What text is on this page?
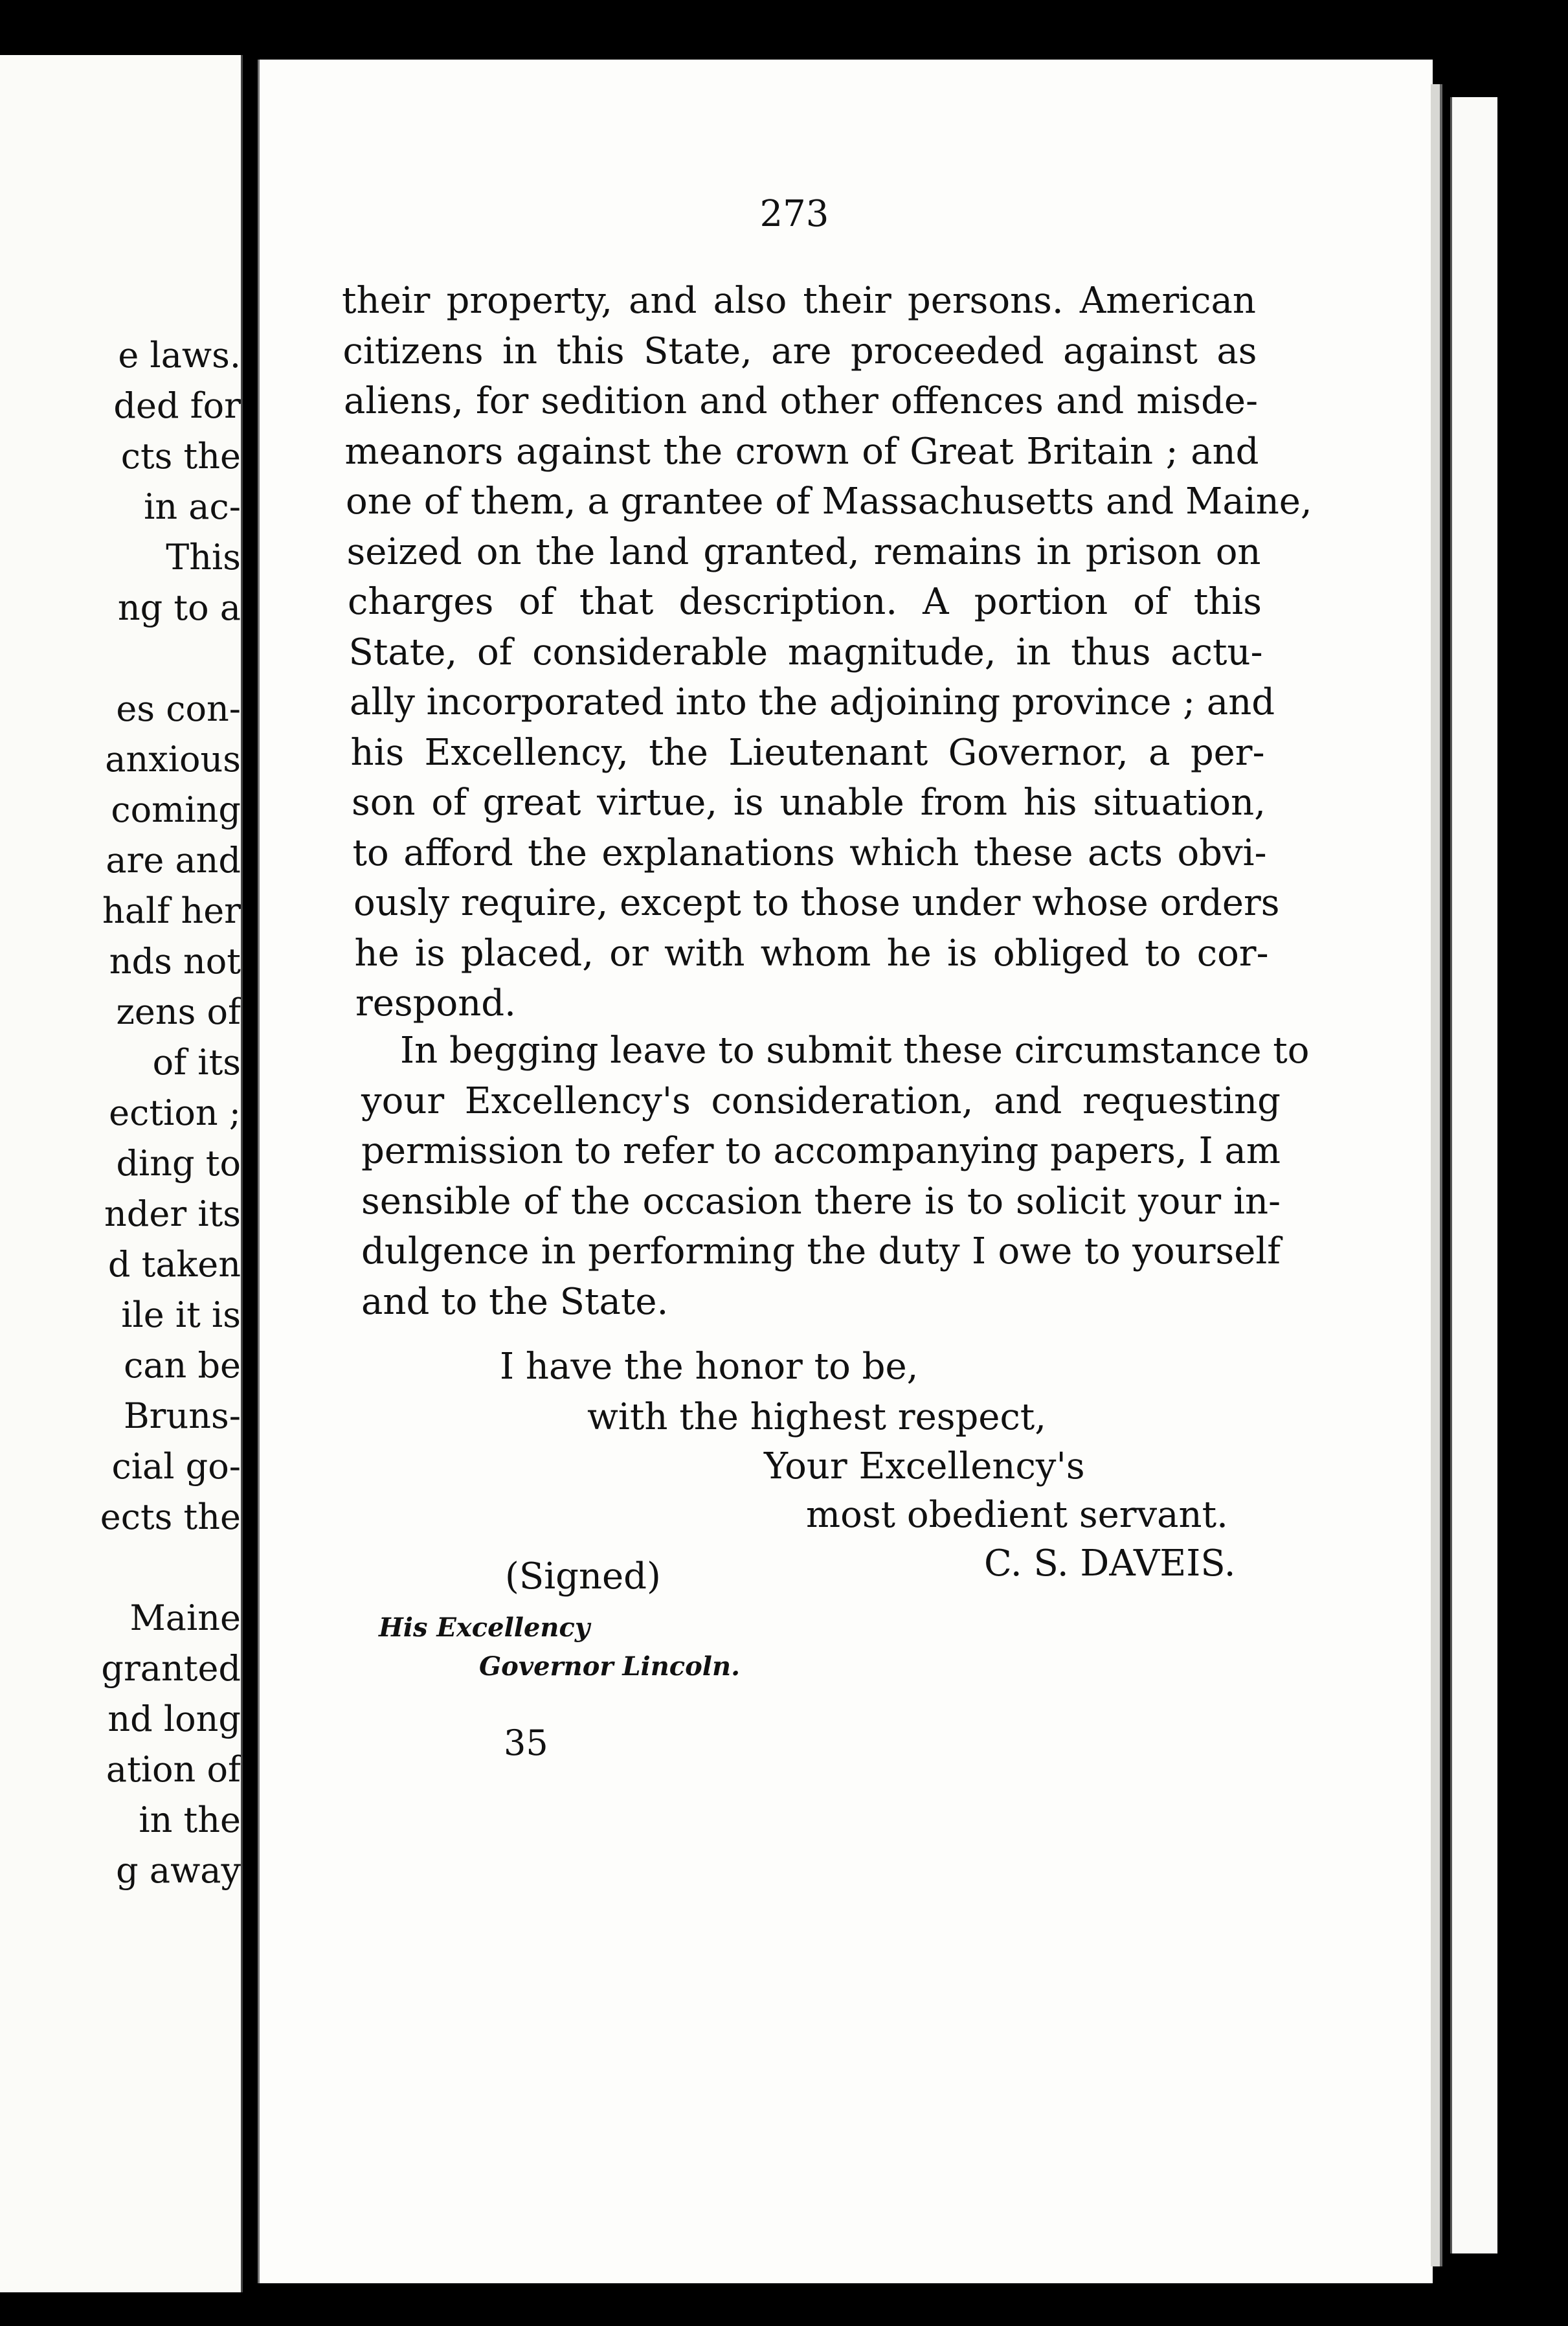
e laws.
ded for
cts the
in ac-
This
ng to a
es con-
anxious
coming
are and
half her
nds not
zens of
of its
ection ;
ding to
nder its
d taken
ile it is
can be
Bruns-
cial go-
ects the
Maine
granted
nd long
ation of
in the
g away
273
their property, and also their persons. American
citizens in this State, are proceeded against as
aliens, for sedition and other offences and misde-
meanors against the crown of Great Britain ; and
one of them, a grantee of Massachusetts and Maine,
seized on the land granted, remains in prison on
charges of that description. A portion of this
State, of considerable magnitude, in thus actu-
ally incorporated into the adjoining province ; and
his Excellency, the Lieutenant Governor, a per-
son of great virtue, is unable from his situation,
to afford the explanations which these acts obvi-
ously require, except to those under whose orders
he is placed, or with whom he is obliged to cor-
respond.
In begging leave to submit these circumstance to
your Excellency's consideration, and requesting
permission to refer to accompanying papers, I am
sensible of the occasion there is to solicit your in-
dulgence in performing the duty I owe to yourself
and to the State.
I have the honor to be,
with the highest respect,
Your Excellency's
most obedient servant.
(Signed)	C. S. DAVEIS.
His Excellency
Governor Lincoln.
35
